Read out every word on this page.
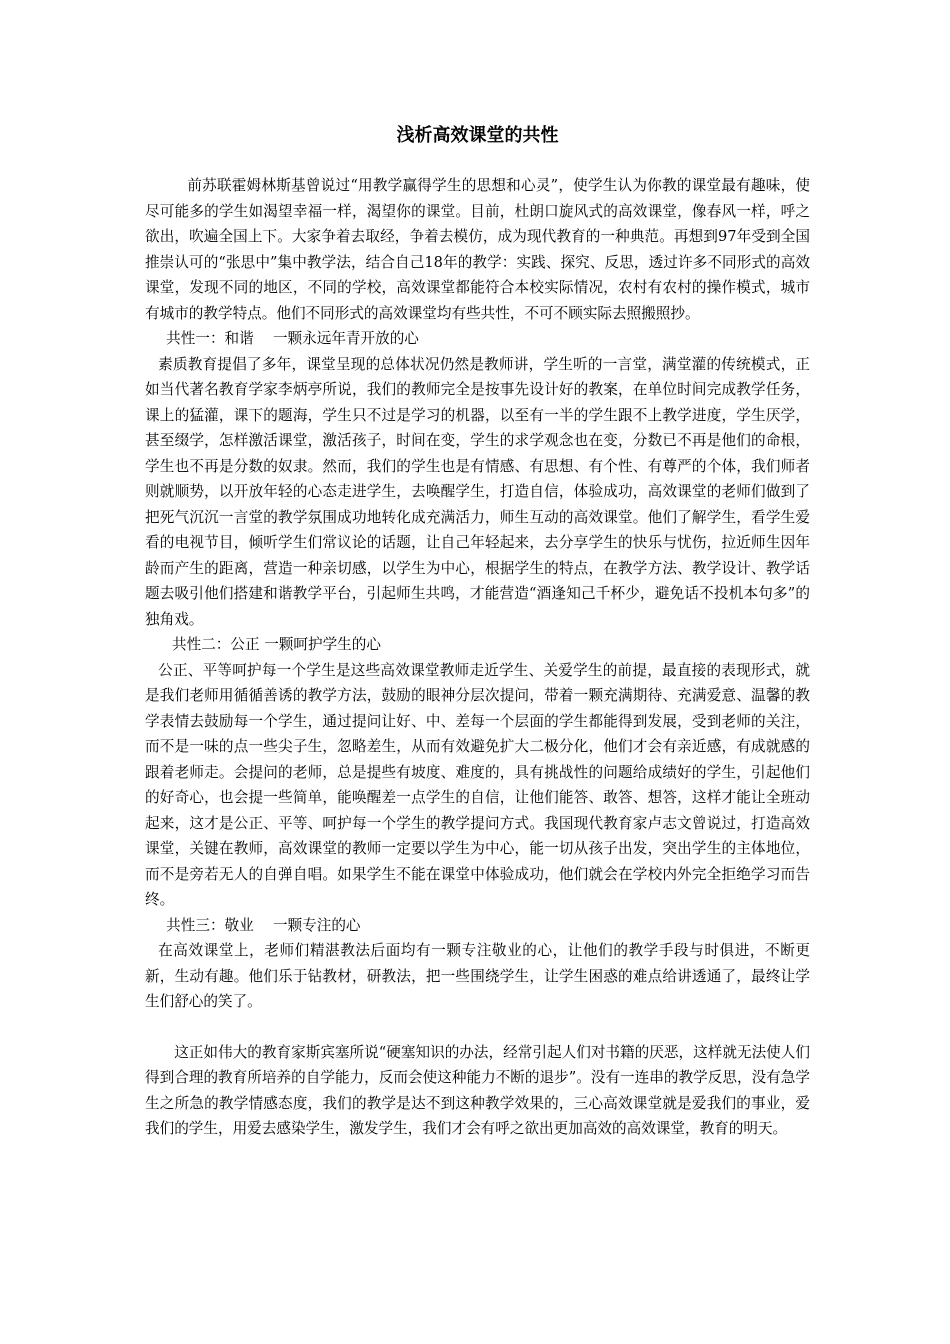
浅析高效课堂的共性

前苏联霍姆林斯基曾说过“用教学赢得学生的思想和心灵”，使学生认为你教的课堂最有趣味，使尽可能多的学生如渴望幸福一样，渴望你的课堂。目前，杜朗口旋风式的高效课堂，像春风一样，呼之欲出，吹遍全国上下。大家争着去取经，争着去模仿，成为现代教育的一种典范。再想到97年受到全国推崇认可的“张思中”集中教学法，结合自己18年的教学：实践、探究、反思，透过许多不同形式的高效课堂，发现不同的地区，不同的学校，高效课堂都能符合本校实际情况，农村有农村的操作模式，城市有城市的教学特点。他们不同形式的高效课堂均有些共性，不可不顾实际去照搬照抄。

共性一：和谐　 一颗永远年青开放的心

素质教育提倡了多年，课堂呈现的总体状况仍然是教师讲，学生听的一言堂，满堂灌的传统模式，正如当代著名教育学家李炳亭所说，我们的教师完全是按事先设计好的教案，在单位时间完成教学任务，课上的猛灌，课下的题海，学生只不过是学习的机器，以至有一半的学生跟不上教学进度，学生厌学，甚至缀学，怎样激活课堂，激活孩子，时间在变，学生的求学观念也在变，分数已不再是他们的命根，学生也不再是分数的奴隶。然而，我们的学生也是有情感、有思想、有个性、有尊严的个体，我们师者则就顺势，以开放年轻的心态走进学生，去唤醒学生，打造自信，体验成功，高效课堂的老师们做到了把死气沉沉一言堂的教学氛围成功地转化成充满活力，师生互动的高效课堂。他们了解学生，看学生爱看的电视节目，倾听学生们常议论的话题，让自己年轻起来，去分享学生的快乐与忧伤，拉近师生因年龄而产生的距离，营造一种亲切感，以学生为中心，根据学生的特点，在教学方法、教学设计、教学话题去吸引他们搭建和谐教学平台，引起师生共鸣，才能营造“酒逢知己千杯少，避免话不投机本句多”的独角戏。

共性二：公正 一颗呵护学生的心

公正、平等呵护每一个学生是这些高效课堂教师走近学生、关爱学生的前提，最直接的表现形式，就是我们老师用循循善诱的教学方法，鼓励的眼神分层次提问，带着一颗充满期待、充满爱意、温馨的教学表情去鼓励每一个学生，通过提问让好、中、差每一个层面的学生都能得到发展，受到老师的关注，而不是一味的点一些尖子生，忽略差生，从而有效避免扩大二极分化，他们才会有亲近感，有成就感的跟着老师走。会提问的老师，总是提些有坡度、难度的，具有挑战性的问题给成绩好的学生，引起他们的好奇心，也会提一些简单，能唤醒差一点学生的自信，让他们能答、敢答、想答，这样才能让全班动起来，这才是公正、平等、呵护每一个学生的教学提问方式。我国现代教育家卢志文曾说过，打造高效课堂，关键在教师，高效课堂的教师一定要以学生为中心，能一切从孩子出发，突出学生的主体地位，而不是旁若无人的自弹自唱。如果学生不能在课堂中体验成功，他们就会在学校内外完全拒绝学习而告终。

共性三：敬业　 一颗专注的心

在高效课堂上，老师们精湛教法后面均有一颗专注敬业的心，让他们的教学手段与时俱进，不断更新，生动有趣。他们乐于钻教材，研教法，把一些围绕学生，让学生困惑的难点给讲透通了，最终让学生们舒心的笑了。

这正如伟大的教育家斯宾塞所说“硬塞知识的办法，经常引起人们对书籍的厌恶，这样就无法使人们得到合理的教育所培养的自学能力，反而会使这种能力不断的退步”。没有一连串的教学反思，没有急学生之所急的教学情感态度，我们的教学是达不到这种教学效果的，三心高效课堂就是爱我们的事业，爱我们的学生，用爱去感染学生，激发学生，我们才会有呼之欲出更加高效的高效课堂，教育的明天。
